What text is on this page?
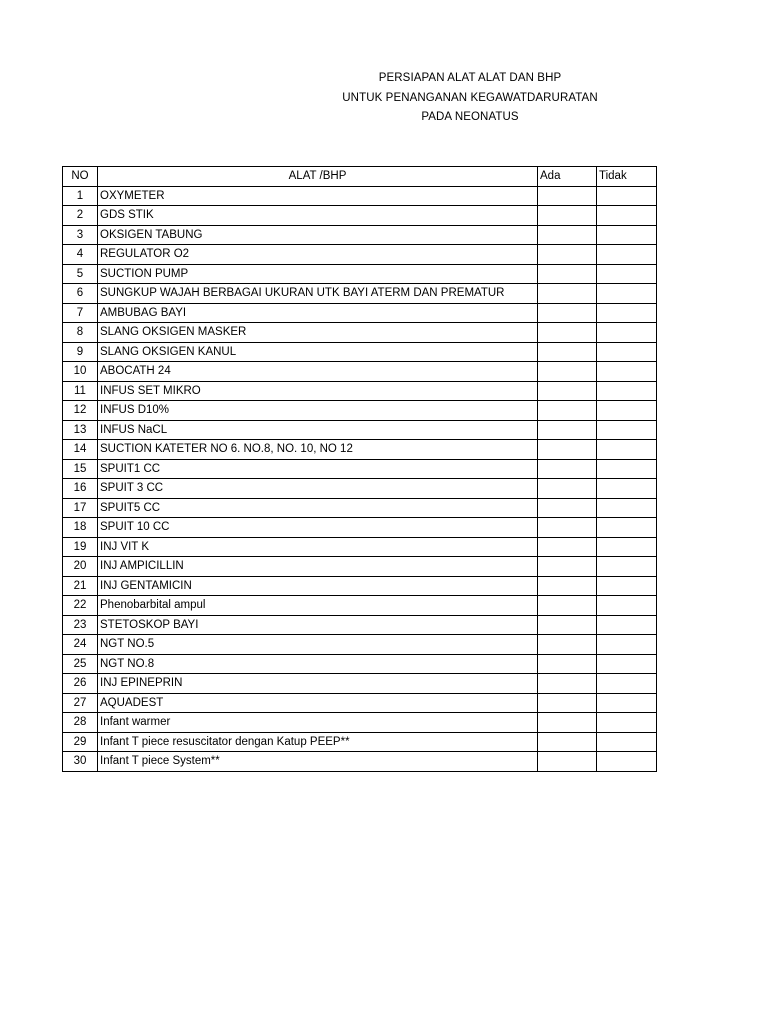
PERSIAPAN ALAT ALAT DAN BHP
UNTUK PENANGANAN KEGAWATDARURATAN
PADA NEONATUS
NO	ALAT /BHP	Ada	Tidak
1	OXYMETER		
2	GDS STIK		
3	OKSIGEN TABUNG		
4	REGULATOR O2		
5	SUCTION PUMP		
6	SUNGKUP WAJAH BERBAGAI UKURAN UTK BAYI ATERM DAN PREMATUR		
7	AMBUBAG BAYI		
8	SLANG OKSIGEN MASKER		
9	SLANG OKSIGEN KANUL		
10	ABOCATH 24		
11	INFUS SET MIKRO		
12	INFUS D10%		
13	INFUS NaCL		
14	SUCTION KATETER NO 6. NO.8, NO. 10, NO 12		
15	SPUIT1 CC		
16	SPUIT 3 CC		
17	SPUIT5 CC		
18	SPUIT 10 CC		
19	INJ VIT K		
20	INJ AMPICILLIN		
21	INJ GENTAMICIN		
22	Phenobarbital ampul		
23	STETOSKOP BAYI		
24	NGT NO.5		
25	NGT NO.8		
26	INJ EPINEPRIN		
27	AQUADEST		
28	Infant warmer		
29	Infant T piece resuscitator dengan Katup PEEP**		
30	Infant T piece System**		
